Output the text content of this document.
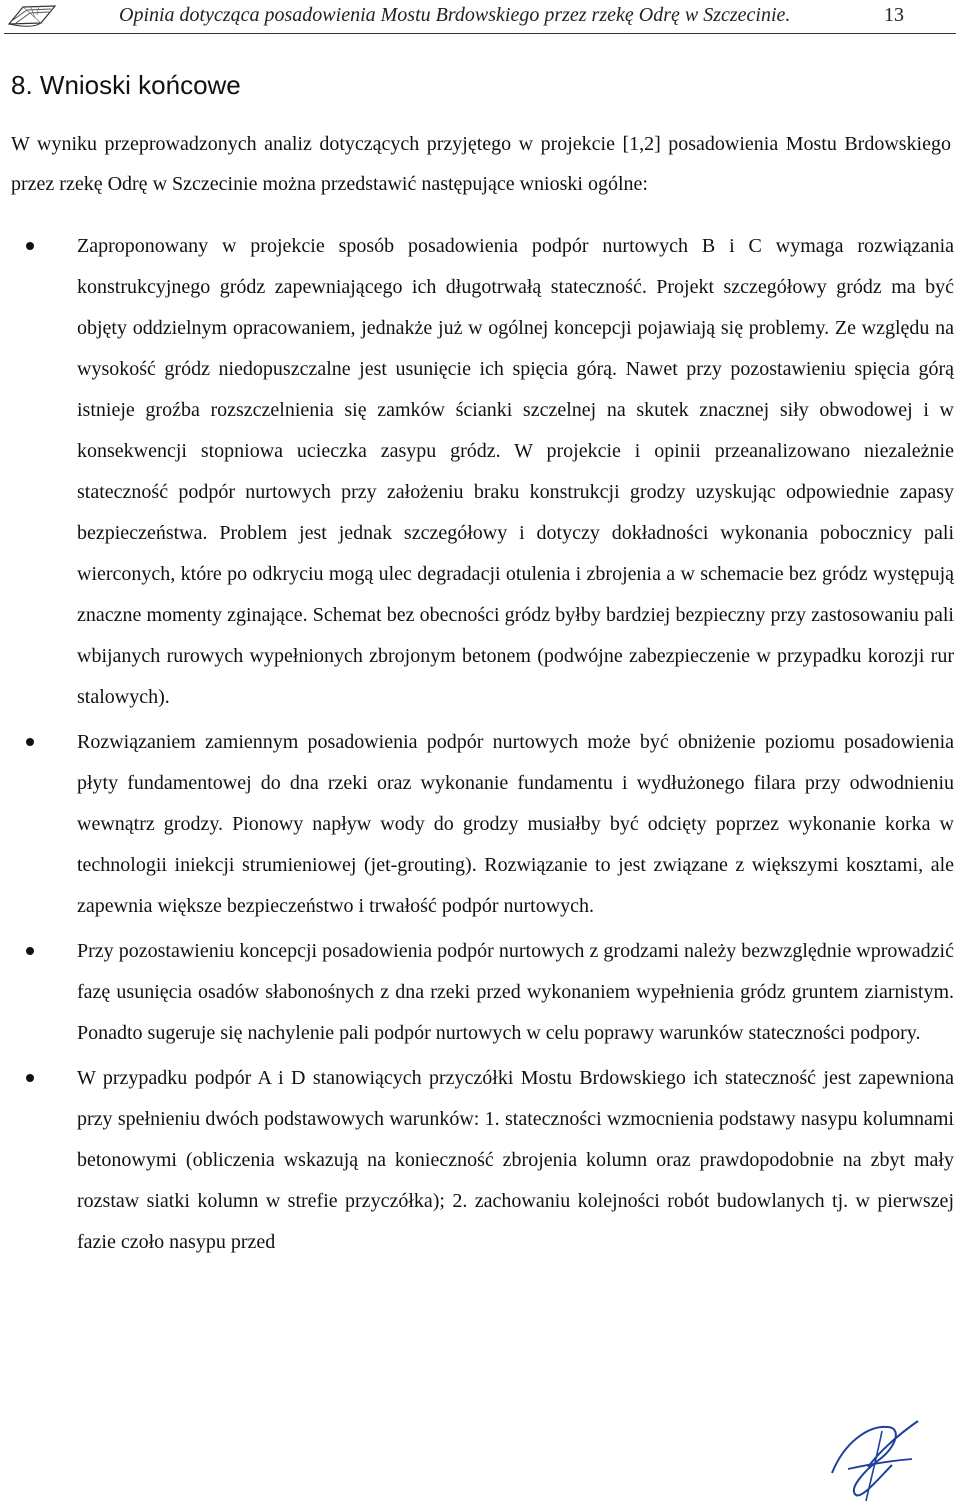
Opinia dotycząca posadowienia Mostu Brdowskiego przez rzekę Odrę w Szczecinie.	13
8. Wnioski końcowe

W wyniku przeprowadzonych analiz dotyczących przyjętego w projekcie [1,2] posadowienia Mostu Brdowskiego przez rzekę Odrę w Szczecinie można przedstawić następujące wnioski ogólne:

Zaproponowany w projekcie sposób posadowienia podpór nurtowych B i C wymaga rozwiązania konstrukcyjnego gródz zapewniającego ich długotrwałą stateczność. Projekt szczegółowy gródz ma być objęty oddzielnym opracowaniem, jednakże już w ogólnej koncepcji pojawiają się problemy. Ze względu na wysokość gródz niedopuszczalne jest usunięcie ich spięcia górą. Nawet przy pozostawieniu spięcia górą istnieje groźba rozszczelnienia się zamków ścianki szczelnej na skutek znacznej siły obwodowej i w konsekwencji stopniowa ucieczka zasypu gródz. W projekcie i opinii przeanalizowano niezależnie stateczność podpór nurtowych przy założeniu braku konstrukcji grodzy uzyskując odpowiednie zapasy bezpieczeństwa. Problem jest jednak szczegółowy i dotyczy dokładności wykonania pobocznicy pali wierconych, które po odkryciu mogą ulec degradacji otulenia i zbrojenia a w schemacie bez gródz występują znaczne momenty zginające. Schemat bez obecności gródz byłby bardziej bezpieczny przy zastosowaniu pali wbijanych rurowych wypełnionych zbrojonym betonem (podwójne zabezpieczenie w przypadku korozji rur stalowych).
Rozwiązaniem zamiennym posadowienia podpór nurtowych może być obniżenie poziomu posadowienia płyty fundamentowej do dna rzeki oraz wykonanie fundamentu i wydłużonego filara przy odwodnieniu wewnątrz grodzy. Pionowy napływ wody do grodzy musiałby być odcięty poprzez wykonanie korka w technologii iniekcji strumieniowej (jet-grouting). Rozwiązanie to jest związane z większymi kosztami, ale zapewnia większe bezpieczeństwo i trwałość podpór nurtowych.
Przy pozostawieniu koncepcji posadowienia podpór nurtowych z grodzami należy bezwzględnie wprowadzić fazę usunięcia osadów słabonośnych z dna rzeki przed wykonaniem wypełnienia gródz gruntem ziarnistym. Ponadto sugeruje się nachylenie pali podpór nurtowych w celu poprawy warunków stateczności podpory.
W przypadku podpór A i D stanowiących przyczółki Mostu Brdowskiego ich stateczność jest zapewniona przy spełnieniu dwóch podstawowych warunków: 1. stateczności wzmocnienia podstawy nasypu kolumnami betonowymi (obliczenia wskazują na konieczność zbrojenia kolumn oraz prawdopodobnie na zbyt mały rozstaw siatki kolumn w strefie przyczółka); 2. zachowaniu kolejności robót budowlanych tj. w pierwszej fazie czoło nasypu przed
